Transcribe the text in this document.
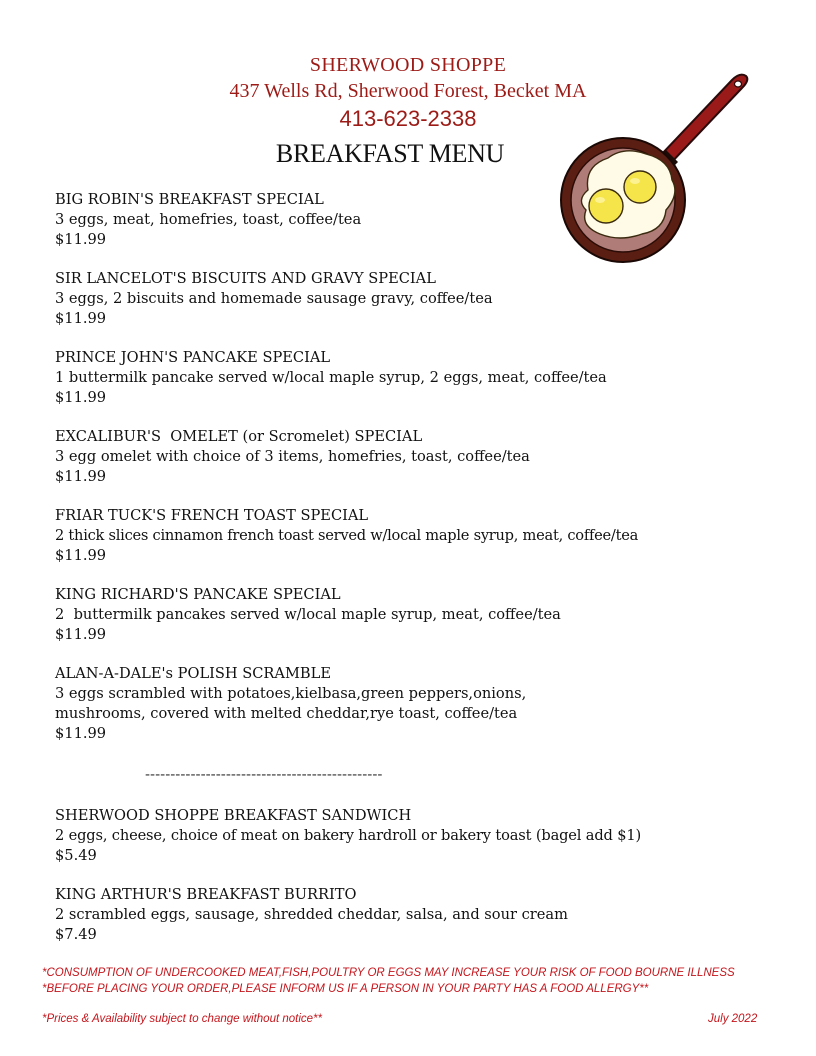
SHERWOOD SHOPPE
437 Wells Rd, Sherwood Forest, Becket MA
413-623-2338
BREAKFAST MENU
BIG ROBIN'S BREAKFAST SPECIAL
3 eggs, meat, homefries, toast, coffee/tea
$11.99
SIR LANCELOT'S BISCUITS AND GRAVY SPECIAL
3 eggs, 2 biscuits and homemade sausage gravy, coffee/tea
$11.99
PRINCE JOHN'S PANCAKE SPECIAL
1 buttermilk pancake served w/local maple syrup, 2 eggs, meat, coffee/tea
$11.99
EXCALIBUR'S  OMELET (or Scromelet) SPECIAL
3 egg omelet with choice of 3 items, homefries, toast, coffee/tea
$11.99
FRIAR TUCK'S FRENCH TOAST SPECIAL
2 thick slices cinnamon french toast served w/local maple syrup, meat, coffee/tea
$11.99
KING RICHARD'S PANCAKE SPECIAL
2  buttermilk pancakes served w/local maple syrup, meat, coffee/tea
$11.99
ALAN-A-DALE's POLISH SCRAMBLE
3 eggs scrambled with potatoes,kielbasa,green peppers,onions,
mushrooms, covered with melted cheddar,rye toast, coffee/tea
$11.99
-----------------------------------------------
SHERWOOD SHOPPE BREAKFAST SANDWICH
2 eggs, cheese, choice of meat on bakery hardroll or bakery toast (bagel add $1)
$5.49
KING ARTHUR'S BREAKFAST BURRITO
2 scrambled eggs, sausage, shredded cheddar, salsa, and sour cream
$7.49
*CONSUMPTION OF UNDERCOOKED MEAT,FISH,POULTRY OR EGGS MAY INCREASE YOUR RISK OF FOOD BOURNE ILLNESS
*BEFORE PLACING YOUR ORDER,PLEASE INFORM US IF A PERSON IN YOUR PARTY HAS A FOOD ALLERGY**
*Prices & Availability subject to change without notice**	July 2022
